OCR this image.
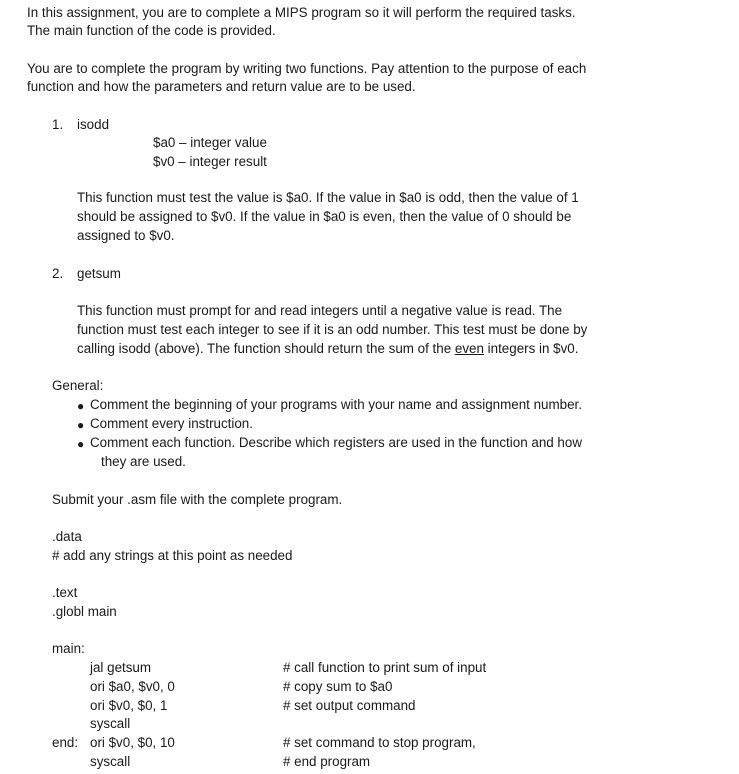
In this assignment, you are to complete a MIPS program so it will perform the required tasks.
The main function of the code is provided.
You are to complete the program by writing two functions. Pay attention to the purpose of each
function and how the parameters and return value are to be used.
1. isodd
$a0 – integer value
$v0 – integer result
This function must test the value is $a0. If the value in $a0 is odd, then the value of 1
should be assigned to $v0. If the value in $a0 is even, then the value of 0 should be
assigned to $v0.
2. getsum
This function must prompt for and read integers until a negative value is read. The
function must test each integer to see if it is an odd number. This test must be done by
calling isodd (above). The function should return the sum of the even integers in $v0.
General:
● Comment the beginning of your programs with your name and assignment number.
● Comment every instruction.
● Comment each function. Describe which registers are used in the function and how
they are used.
Submit your .asm file with the complete program.
.data
# add any strings at this point as needed
.text
.globl main
main:
jal getsum	# call function to print sum of input
ori $a0, $v0, 0	# copy sum to $a0
ori $v0, $0, 1	# set output command
syscall
end: ori $v0, $0, 10	# set command to stop program,
syscall	# end program
